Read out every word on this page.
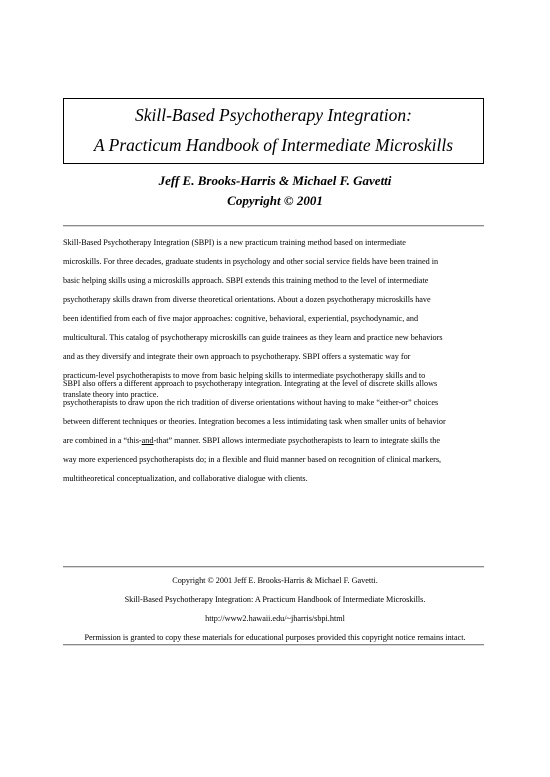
Skill-Based Psychotherapy Integration:
A Practicum Handbook of Intermediate Microskills
Jeff E. Brooks-Harris & Michael F. Gavetti
Copyright © 2001
Skill-Based Psychotherapy Integration (SBPI) is a new practicum training method based on intermediate
microskills. For three decades, graduate students in psychology and other social service fields have been trained in
basic helping skills using a microskills approach. SBPI extends this training method to the level of intermediate
psychotherapy skills drawn from diverse theoretical orientations. About a dozen psychotherapy microskills have
been identified from each of five major approaches: cognitive, behavioral, experiential, psychodynamic, and
multicultural. This catalog of psychotherapy microskills can guide trainees as they learn and practice new behaviors
and as they diversify and integrate their own approach to psychotherapy. SBPI offers a systematic way for
practicum-level psychotherapists to move from basic helping skills to intermediate psychotherapy skills and to
translate theory into practice.
SBPI also offers a different approach to psychotherapy integration. Integrating at the level of discrete skills allows
psychotherapists to draw upon the rich tradition of diverse orientations without having to make “either-or” choices
between different techniques or theories. Integration becomes a less intimidating task when smaller units of behavior
are combined in a “this-and-that” manner. SBPI allows intermediate psychotherapists to learn to integrate skills the
way more experienced psychotherapists do; in a flexible and fluid manner based on recognition of clinical markers,
multitheoretical conceptualization, and collaborative dialogue with clients.
Copyright © 2001 Jeff E. Brooks-Harris & Michael F. Gavetti.
Skill-Based Psychotherapy Integration: A Practicum Handbook of Intermediate Microskills.
http://www2.hawaii.edu/~jharris/sbpi.html
Permission is granted to copy these materials for educational purposes provided this copyright notice remains intact.
